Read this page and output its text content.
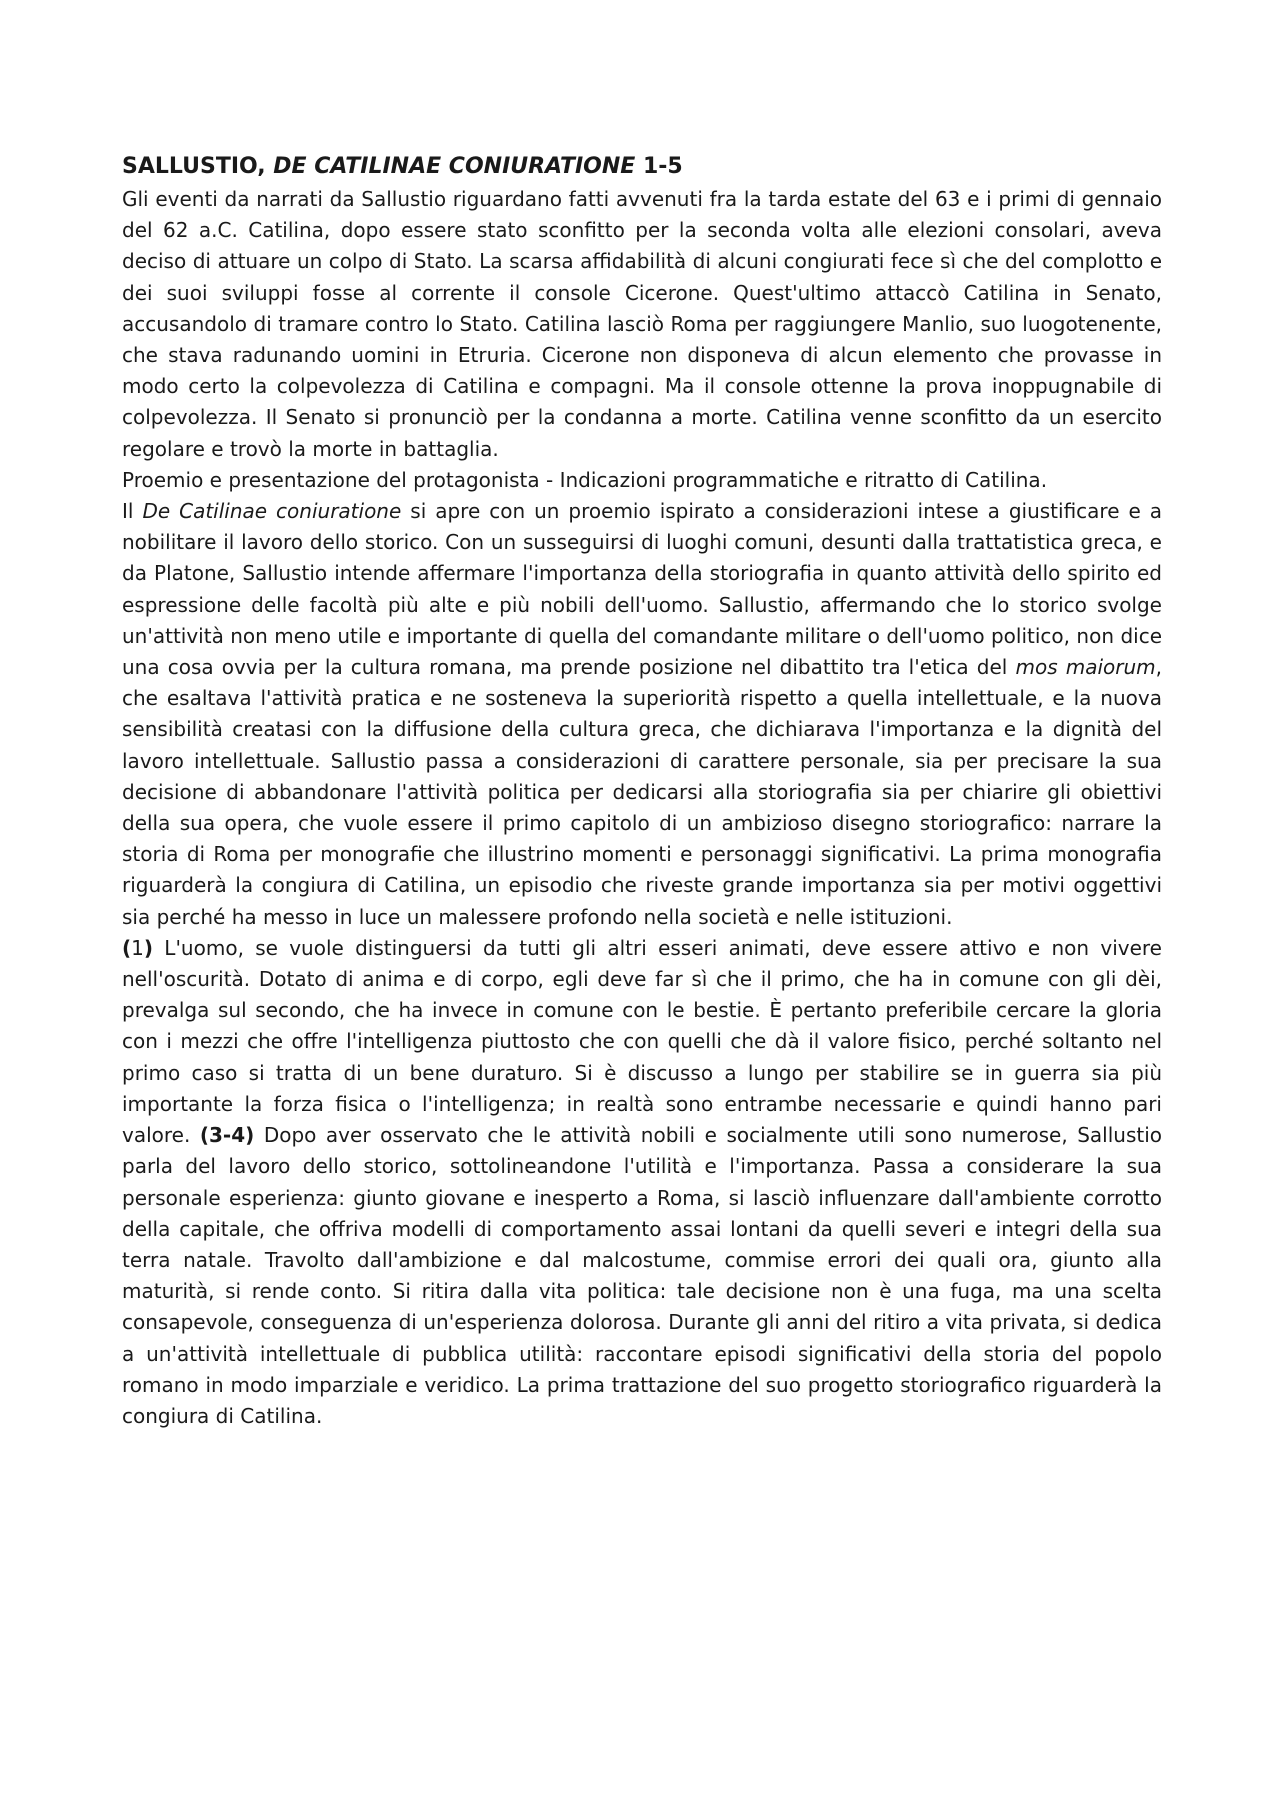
SALLUSTIO, DE CATILINAE CONIURATIONE 1-5

Gli eventi da narrati da Sallustio riguardano fatti avvenuti fra la tarda estate del 63 e i primi di gennaio del 62 a.C. Catilina, dopo essere stato sconfitto per la seconda volta alle elezioni consolari, aveva deciso di attuare un colpo di Stato. La scarsa affidabilità di alcuni congiurati fece sì che del complotto e dei suoi sviluppi fosse al corrente il console Cicerone. Quest'ultimo attaccò Catilina in Senato, accusandolo di tramare contro lo Stato. Catilina lasciò Roma per raggiungere Manlio, suo luogotenente, che stava radunando uomini in Etruria. Cicerone non disponeva di alcun elemento che provasse in modo certo la colpevolezza di Catilina e compagni. Ma il console ottenne la prova inoppugnabile di colpevolezza. Il Senato si pronunciò per la condanna a morte. Catilina venne sconfitto da un esercito regolare e trovò la morte in battaglia.

Proemio e presentazione del protagonista - Indicazioni programmatiche e ritratto di Catilina.

Il De Catilinae coniuratione si apre con un proemio ispirato a considerazioni intese a giustificare e a nobilitare il lavoro dello storico. Con un susseguirsi di luoghi comuni, desunti dalla trattatistica greca, e da Platone, Sallustio intende affermare l'importanza della storiografia in quanto attività dello spirito ed espressione delle facoltà più alte e più nobili dell'uomo. Sallustio, affermando che lo storico svolge un'attività non meno utile e importante di quella del comandante militare o dell'uomo politico, non dice una cosa ovvia per la cultura romana, ma prende posizione nel dibattito tra l'etica del mos maiorum, che esaltava l'attività pratica e ne sosteneva la superiorità rispetto a quella intellettuale, e la nuova sensibilità creatasi con la diffusione della cultura greca, che dichiarava l'importanza e la dignità del lavoro intellettuale. Sallustio passa a considerazioni di carattere personale, sia per precisare la sua decisione di abbandonare l'attività politica per dedicarsi alla storiografia sia per chiarire gli obiettivi della sua opera, che vuole essere il primo capitolo di un ambizioso disegno storiografico: narrare la storia di Roma per monografie che illustrino momenti e personaggi significativi. La prima monografia riguarderà la congiura di Catilina, un episodio che riveste grande importanza sia per motivi oggettivi sia perché ha messo in luce un malessere profondo nella società e nelle istituzioni.

(1) L'uomo, se vuole distinguersi da tutti gli altri esseri animati, deve essere attivo e non vivere nell'oscurità. Dotato di anima e di corpo, egli deve far sì che il primo, che ha in comune con gli dèi, prevalga sul secondo, che ha invece in comune con le bestie. È pertanto preferibile cercare la gloria con i mezzi che offre l'intelligenza piuttosto che con quelli che dà il valore fisico, perché soltanto nel primo caso si tratta di un bene duraturo. Si è discusso a lungo per stabilire se in guerra sia più importante la forza fisica o l'intelligenza; in realtà sono entrambe necessarie e quindi hanno pari valore. (3-4) Dopo aver osservato che le attività nobili e socialmente utili sono numerose, Sallustio parla del lavoro dello storico, sottolineandone l'utilità e l'importanza. Passa a considerare la sua personale esperienza: giunto giovane e inesperto a Roma, si lasciò influenzare dall'ambiente corrotto della capitale, che offriva modelli di comportamento assai lontani da quelli severi e integri della sua terra natale. Travolto dall'ambizione e dal malcostume, commise errori dei quali ora, giunto alla maturità, si rende conto. Si ritira dalla vita politica: tale decisione non è una fuga, ma una scelta consapevole, conseguenza di un'esperienza dolorosa. Durante gli anni del ritiro a vita privata, si dedica a un'attività intellettuale di pubblica utilità: raccontare episodi significativi della storia del popolo romano in modo imparziale e veridico. La prima trattazione del suo progetto storiografico riguarderà la congiura di Catilina.
